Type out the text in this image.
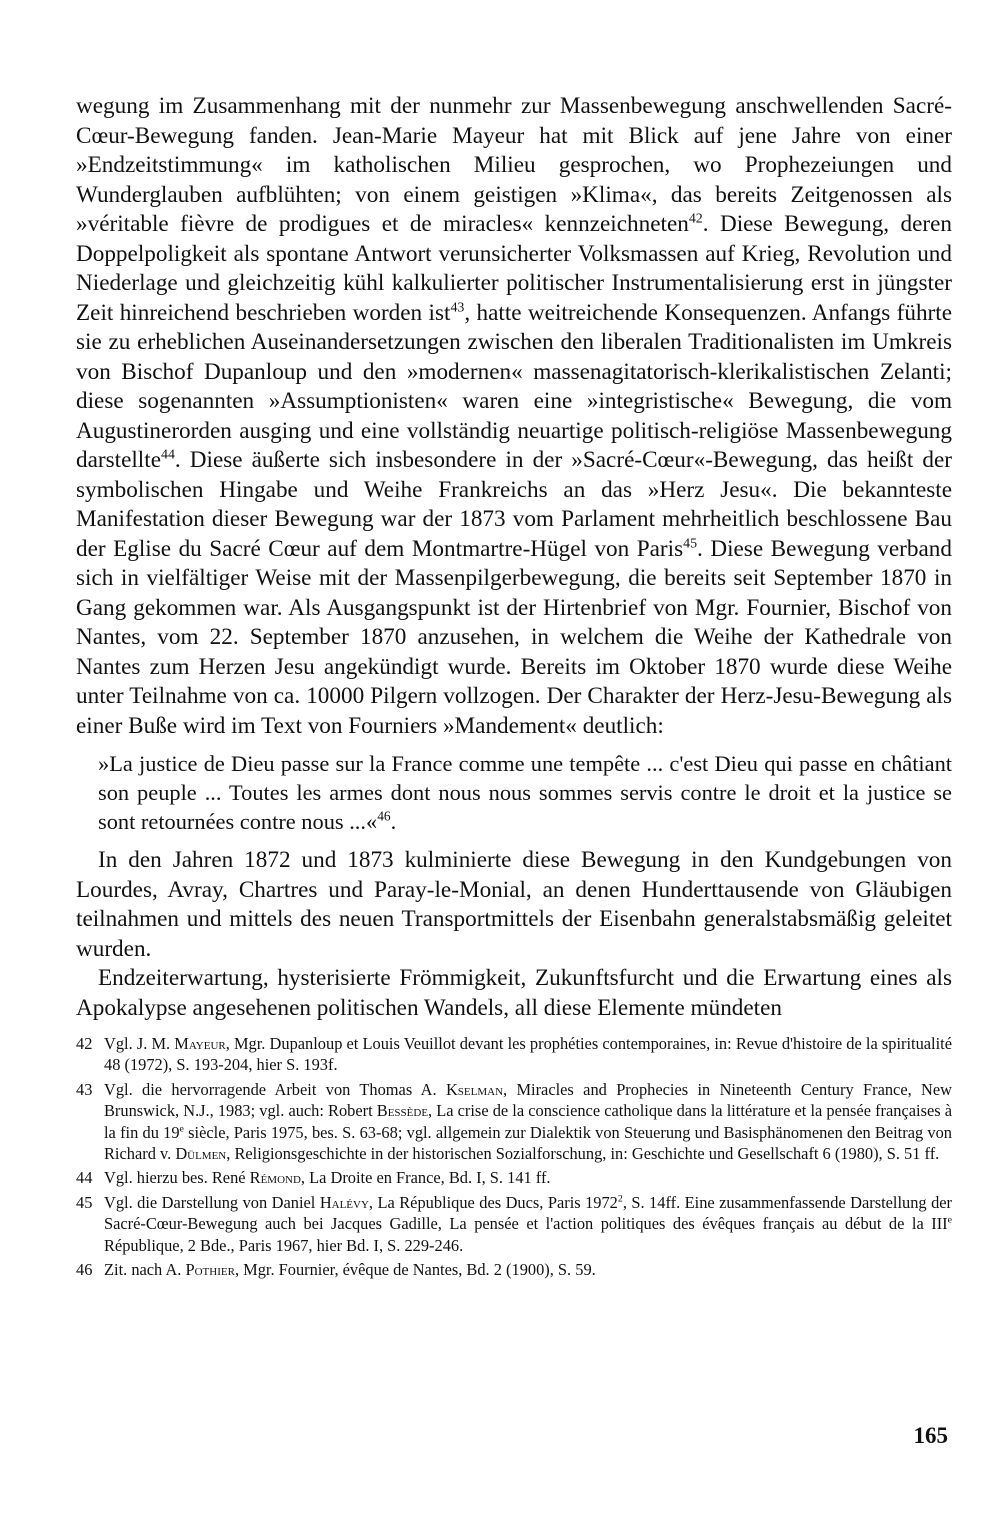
wegung im Zusammenhang mit der nunmehr zur Massenbewegung anschwellenden Sacré-Cœur-Bewegung fanden. Jean-Marie Mayeur hat mit Blick auf jene Jahre von einer »Endzeitstimmung« im katholischen Milieu gesprochen, wo Prophezeiungen und Wunderglauben aufblühten; von einem geistigen »Klima«, das bereits Zeitgenossen als »véritable fièvre de prodigues et de miracles« kennzeichneten$^{42}$. Diese Bewegung, deren Doppelpoligkeit als spontane Antwort verunsicherter Volksmassen auf Krieg, Revolution und Niederlage und gleichzeitig kühl kalkulierter politischer Instrumentalisierung erst in jüngster Zeit hinreichend beschrieben worden ist$^{43}$, hatte weitreichende Konsequenzen. Anfangs führte sie zu erheblichen Auseinandersetzungen zwischen den liberalen Traditionalisten im Umkreis von Bischof Dupanloup und den »modernen« massenagitatorisch-klerikalistischen Zelanti; diese sogenannten »Assumptionisten« waren eine »integristische« Bewegung, die vom Augustinerorden ausging und eine vollständig neuartige politisch-religiöse Massenbewegung darstellte$^{44}$. Diese äußerte sich insbesondere in der »Sacré-Cœur«-Bewegung, das heißt der symbolischen Hingabe und Weihe Frankreichs an das »Herz Jesu«. Die bekannteste Manifestation dieser Bewegung war der 1873 vom Parlament mehrheitlich beschlossene Bau der Eglise du Sacré Cœur auf dem Montmartre-Hügel von Paris$^{45}$. Diese Bewegung verband sich in vielfältiger Weise mit der Massenpilgerbewegung, die bereits seit September 1870 in Gang gekommen war. Als Ausgangspunkt ist der Hirtenbrief von Mgr. Fournier, Bischof von Nantes, vom 22. September 1870 anzusehen, in welchem die Weihe der Kathedrale von Nantes zum Herzen Jesu angekündigt wurde. Bereits im Oktober 1870 wurde diese Weihe unter Teilnahme von ca. 10000 Pilgern vollzogen. Der Charakter der Herz-Jesu-Bewegung als einer Buße wird im Text von Fourniers »Mandement« deutlich:

»La justice de Dieu passe sur la France comme une tempête ... c'est Dieu qui passe en châtiant son peuple ... Toutes les armes dont nous nous sommes servis contre le droit et la justice se sont retournées contre nous ...«$^{46}$.

In den Jahren 1872 und 1873 kulminierte diese Bewegung in den Kundgebungen von Lourdes, Avray, Chartres und Paray-le-Monial, an denen Hunderttausende von Gläubigen teilnahmen und mittels des neuen Transportmittels der Eisenbahn generalstabsmäßig geleitet wurden.

Endzeiterwartung, hysterisierte Frömmigkeit, Zukunftsfurcht und die Erwartung eines als Apokalypse angesehenen politischen Wandels, all diese Elemente mündeten

42 Vgl. J. M. Mayeur, Mgr. Dupanloup et Louis Veuillot devant les prophéties contemporaines, in: Revue d'histoire de la spiritualité 48 (1972), S. 193-204, hier S. 193f.
43 Vgl. die hervorragende Arbeit von Thomas A. Kselman, Miracles and Prophecies in Nineteenth Century France, New Brunswick, N.J., 1983; vgl. auch: Robert Bessède, La crise de la conscience catholique dans la littérature et la pensée françaises à la fin du 19e siècle, Paris 1975, bes. S. 63-68; vgl. allgemein zur Dialektik von Steuerung und Basisphänomenen den Beitrag von Richard v. Dülmen, Religionsgeschichte in der historischen Sozialforschung, in: Geschichte und Gesellschaft 6 (1980), S. 51 ff.
44 Vgl. hierzu bes. René Rémond, La Droite en France, Bd. I, S. 141 ff.
45 Vgl. die Darstellung von Daniel Halévy, La République des Ducs, Paris 1972$^2$, S. 14ff. Eine zusammenfassende Darstellung der Sacré-Cœur-Bewegung auch bei Jacques Gadille, La pensée et l'action politiques des évêques français au début de la IIIe République, 2 Bde., Paris 1967, hier Bd. I, S. 229-246.
46 Zit. nach A. Pothier, Mgr. Fournier, évêque de Nantes, Bd. 2 (1900), S. 59.
165
